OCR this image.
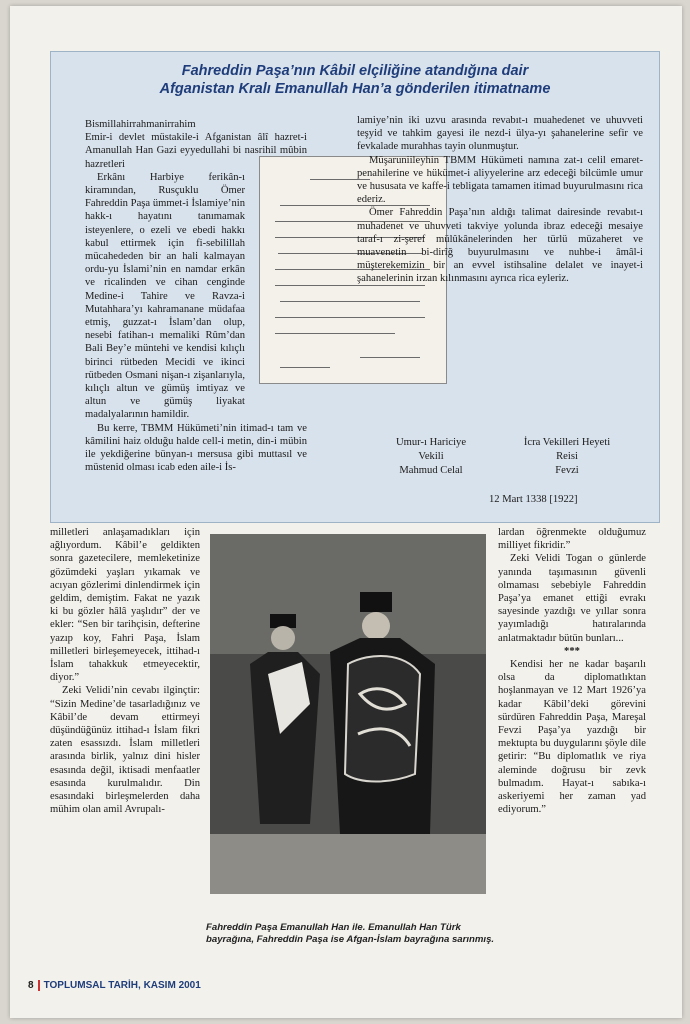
Fahreddin Paşa’nın Kâbil elçiliğine atandığına dair
Afganistan Kralı Emanullah Han’a gönderilen itimatname

Bismillahirrahmanirrahim

Emir-i devlet müstakile-i Afganistan âlî hazret-i Amanullah Han Gazi eyyedullahi bi nasrihil mûbin hazretleri

Erkânı Harbiye ferikân-ı kiramından, Rusçuklu Ömer Fahreddin Paşa ümmet-i İslamiye’nin hakk-ı hayatını tanımamak isteyenlere, o ezeli ve ebedi hakkı kabul ettirmek için fi-sebilillah mücahededen bir an hali kalmayan ordu-yu İslami’nin en namdar erkân ve ricalinden ve cihan cenginde Medine-i Tahire ve Ravza-i Mutahhara’yı kahramanane müdafaa etmiş, guzzat-ı İslam’dan olup, nesebi fatihan-ı memaliki Rûm’dan Bali Bey’e müntehi ve kendisi kılıçlı birinci rütbeden Mecidi ve ikinci rütbeden Osmani nişan-ı zişanlarıyla, kılıçlı altun ve gümüş imtiyaz ve altun ve gümüş liyakat madalyalarının hamildir.

Bu kerre, TBMM Hükümeti’nin itimad-ı tam ve kâmilini haiz olduğu halde cell-i metin, din-i mübin ile yekdiğerine bünyan-ı mersusa gibi muttasıl ve müstenid olması icab eden aile-i İs-

lamiye’nin iki uzvu arasında revabıt-ı muahedenet ve uhuvveti teşyid ve tahkim gayesi ile nezd-i ülya-yı şahanelerine sefir ve fevkalade murahhas tayin olunmuştur.

Müşaruniileyhin TBMM Hükümeti namına zat-ı celil emaret-penahilerine ve hükümet-i aliyyelerine arz edeceği bilcümle umur ve hususata ve kaffe-i tebligata tamamen itimad buyurulmasını rica ederiz.

Ömer Fahreddin Paşa’nın aldığı talimat dairesinde revabıt-ı muhadenet ve uhuvveti takviye yolunda ibraz edeceği mesaiye taraf-ı zi-şeref mülûkânelerinden her türlü müzaheret ve muavenetin bi-dirîğ buyurulmasını ve nuhbe-i âmâl-i müşterekemizin bir an evvel istihsaline delalet ve inayet-i şahanelerinin irzan kılınmasını ayrıca rica eyleriz.

Umur-ı Hariciye
Vekili
Mahmud Celal
İcra Vekilleri Heyeti
Reisi
Fevzi
12 Mart 1338 [1922]

milletleri anlaşamadıkları için ağlıyordum. Kâbil’e geldikten sonra gazetecilere, memleketinize gözümdeki yaşları yıkamak ve acıyan gözlerimi dinlendirmek için geldim, demiştim. Fakat ne yazık ki bu gözler hâlâ yaşlıdır” der ve ekler: “Sen bir tarihçisin, defterine yazıp koy, Fahri Paşa, İslam milletleri birleşemeyecek, ittihad-ı İslam tahakkuk etmeyecektir, diyor.”

Zeki Velidi’nin cevabı ilginçtir: “Sizin Medine’de tasarladığınız ve Kâbil’de devam ettirmeyi düşündüğünüz ittihad-ı İslam fikri zaten esassızdı. İslam milletleri arasında birlik, yalnız dini hisler esasında değil, iktisadi menfaatler esasında kurulmalıdır. Din esasındaki birleşmelerden daha mühim olan amil Avrupalı-

Fahreddin Paşa Emanullah Han ile. Emanullah Han Türk bayrağına, Fahreddin Paşa ise Afgan-İslam bayrağına sarınmış.

lardan öğrenmekte olduğumuz milliyet fikridir.”

Zeki Velidi Togan o günlerde yanında taşımasının güvenli olmaması sebebiyle Fahreddin Paşa’ya emanet ettiği evrakı sayesinde yazdığı ve yıllar sonra yayımladığı hatıralarında anlatmaktadır bütün bunları...

***

Kendisi her ne kadar başarılı olsa da diplomatlıktan hoşlanmayan ve 12 Mart 1926’ya kadar Kâbil’deki görevini sürdüren Fahreddin Paşa, Mareşal Fevzi Paşa’ya yazdığı bir mektupta bu duygularını şöyle dile getirir: “Bu diplomatlık ve riya aleminde doğrusu bir zevk bulmadım. Hayat-ı sabıka-ı askeriyemi her zaman yad ediyorum.”

8 TOPLUMSAL TARİH, KASIM 2001
